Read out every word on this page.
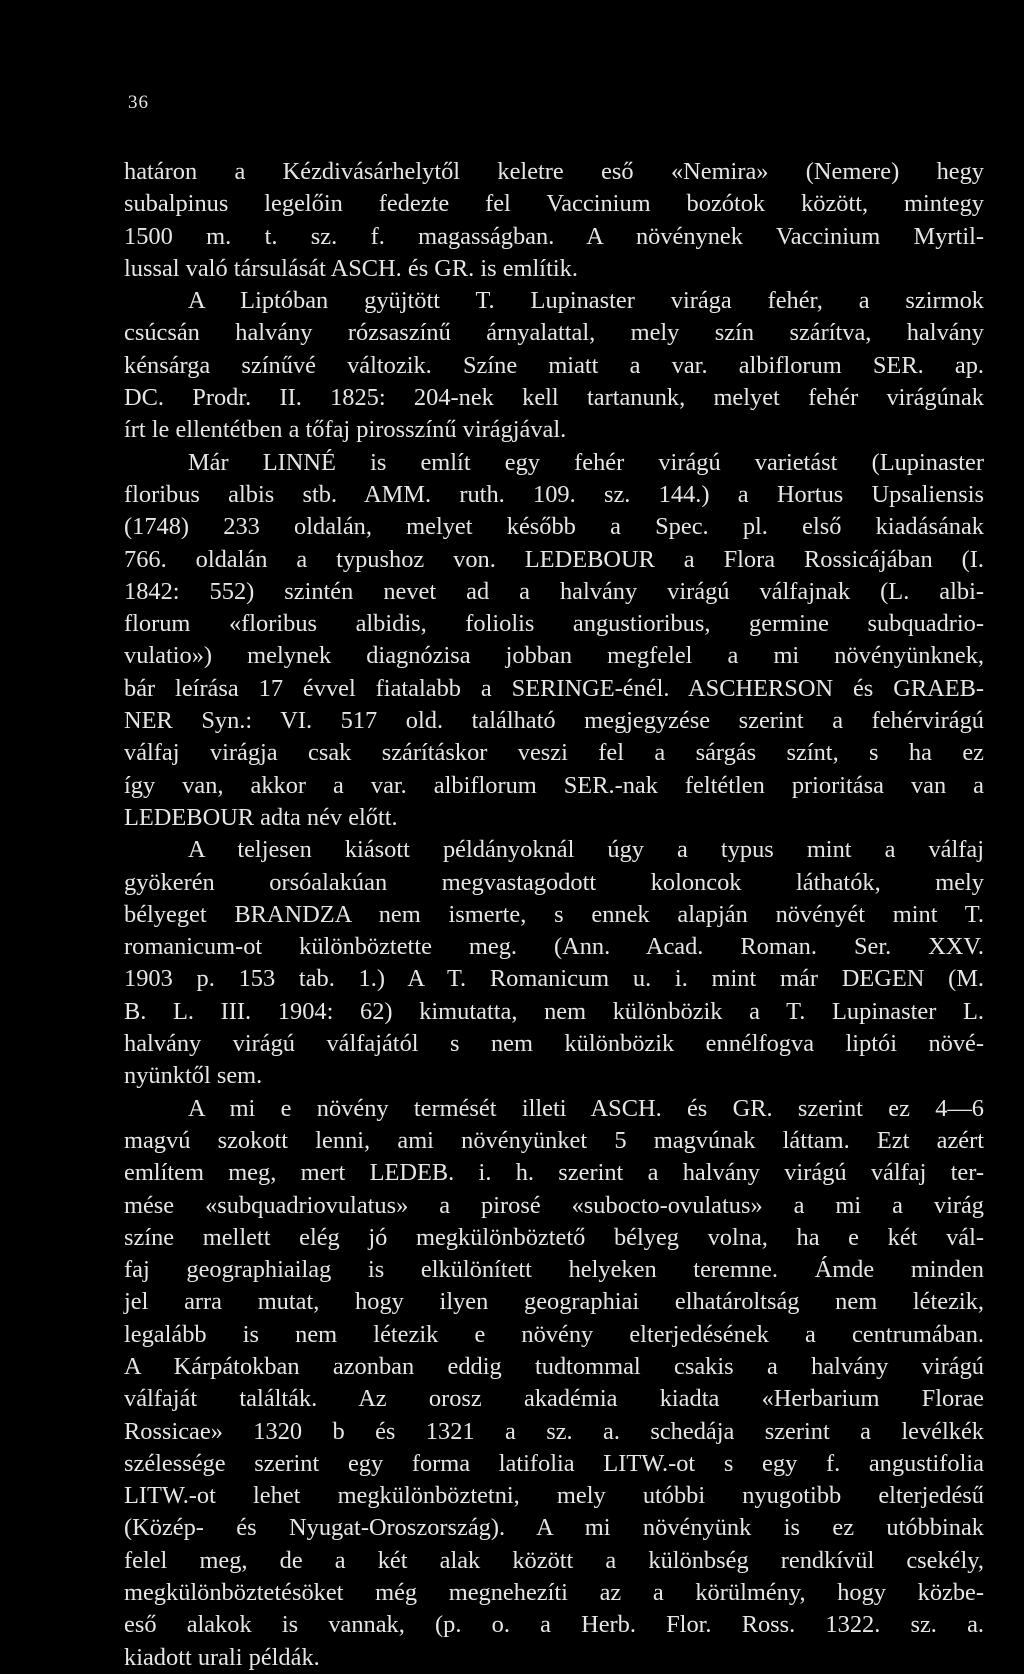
36
határon a Kézdivásárhelytől keletre eső «Nemira» (Nemere) hegy
subalpinus legelőin fedezte fel Vaccinium bozótok között, mintegy
1500 m. t. sz. f. magasságban. A növénynek Vaccinium Myrtil-
lussal való társulását ASCH. és GR. is említik.
A Liptóban gyüjtött T. Lupinaster virága fehér, a szirmok
csúcsán halvány rózsaszínű árnyalattal, mely szín szárítva, halvány
kénsárga színűvé változik. Színe miatt a var. albiflorum SER. ap.
DC. Prodr. II. 1825: 204-nek kell tartanunk, melyet fehér virágúnak
írt le ellentétben a tőfaj pirosszínű virágjával.
Már LINNÉ is említ egy fehér virágú varietást (Lupinaster
floribus albis stb. AMM. ruth. 109. sz. 144.) a Hortus Upsaliensis
(1748) 233 oldalán, melyet később a Spec. pl. első kiadásának
766. oldalán a typushoz von. LEDEBOUR a Flora Rossicájában (I.
1842: 552) szintén nevet ad a halvány virágú válfajnak (L. albi-
florum «floribus albidis, foliolis angustioribus, germine subquadrio-
vulatio») melynek diagnózisa jobban megfelel a mi növényünknek,
bár leírása 17 évvel fiatalabb a SERINGE-énél. ASCHERSON és GRAEB-
NER Syn.: VI. 517 old. található megjegyzése szerint a fehérvirágú
válfaj virágja csak szárításkor veszi fel a sárgás színt, s ha ez
így van, akkor a var. albiflorum SER.-nak feltétlen prioritása van a
LEDEBOUR adta név előtt.
A teljesen kiásott példányoknál úgy a typus mint a válfaj
gyökerén orsóalakúan megvastagodott koloncok láthatók, mely
bélyeget BRANDZA nem ismerte, s ennek alapján növényét mint T.
romanicum-ot különböztette meg. (Ann. Acad. Roman. Ser. XXV.
1903 p. 153 tab. 1.) A T. Romanicum u. i. mint már DEGEN (M.
B. L. III. 1904: 62) kimutatta, nem különbözik a T. Lupinaster L.
halvány virágú válfajától s nem különbözik ennélfogva liptói növé-
nyünktől sem.
A mi e növény termését illeti ASCH. és GR. szerint ez 4—6
magvú szokott lenni, ami növényünket 5 magvúnak láttam. Ezt azért
említem meg, mert LEDEB. i. h. szerint a halvány virágú válfaj ter-
mése «subquadriovulatus» a pirosé «subocto-ovulatus» a mi a virág
színe mellett elég jó megkülönböztető bélyeg volna, ha e két vál-
faj geographiailag is elkülönített helyeken teremne. Ámde minden
jel arra mutat, hogy ilyen geographiai elhatároltság nem létezik,
legalább is nem létezik e növény elterjedésének a centrumában.
A Kárpátokban azonban eddig tudtommal csakis a halvány virágú
válfaját találták. Az orosz akadémia kiadta «Herbarium Florae
Rossicae» 1320 b és 1321 a sz. a. schedája szerint a levélkék
szélessége szerint egy forma latifolia LITW.-ot s egy f. angustifolia
LITW.-ot lehet megkülönböztetni, mely utóbbi nyugotibb elterjedésű
(Közép- és Nyugat-Oroszország). A mi növényünk is ez utóbbinak
felel meg, de a két alak között a különbség rendkívül csekély,
megkülönböztetésöket még megnehezíti az a körülmény, hogy közbe-
eső alakok is vannak, (p. o. a Herb. Flor. Ross. 1322. sz. a.
kiadott urali példák.
